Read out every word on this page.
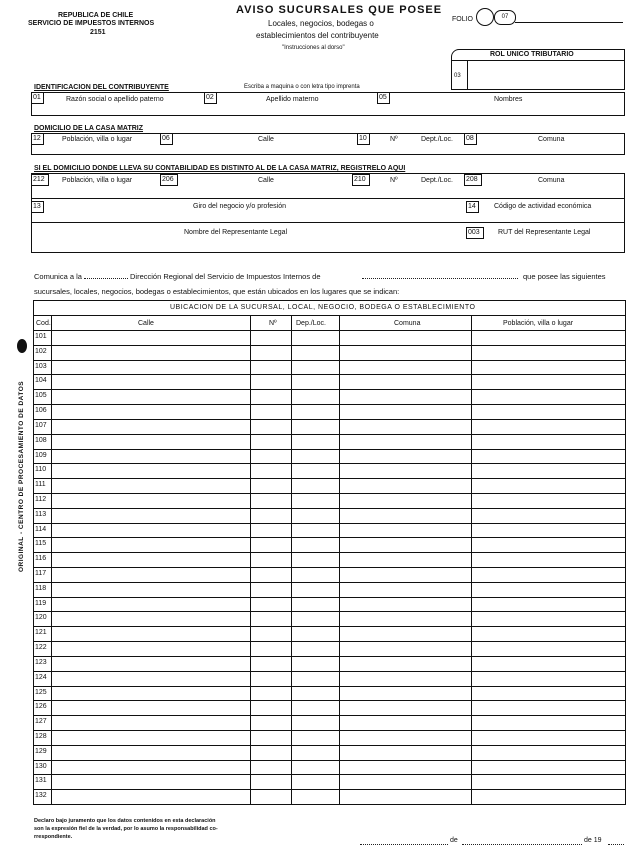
REPUBLICA DE CHILE
SERVICIO DE IMPUESTOS INTERNOS
2151
AVISO SUCURSALES QUE POSEE
Locales, negocios, bodegas o
establecimientos del contribuyente
"Instrucciones al dorso"
FOLIO	07
ROL UNICO TRIBUTARIO
03
IDENTIFICACION DEL CONTRIBUYENTE	Escriba a maquina o con letra tipo imprenta
01	Razón social o apellido paterno	02	Apellido materno	05	Nombres
DOMICILIO DE LA CASA MATRIZ
12	Población, villa o lugar	06	Calle	10	Nº	Dept./Loc. 08	Comuna
SI EL DOMICILIO DONDE LLEVA SU CONTABILIDAD ES DISTINTO AL DE LA CASA MATRIZ, REGISTRELO AQUI
212	Población, villa o lugar	206	Calle	210	Nº	Dept./Loc. 208	Comuna
13	Giro del negocio y/o profesión	14	Código de actividad económica
Nombre del Representante Legal	003	RUT del Representante Legal
Comunica a la	Dirección Regional del Servicio de Impuestos Internos de	que posee las siguientes
sucursales, locales, negocios, bodegas o establecimientos, que están ubicados en los lugares que se indican:
UBICACION DE LA SUCURSAL, LOCAL, NEGOCIO, BODEGA O ESTABLECIMIENTO
Cod.	Calle	Nº	Dep./Loc.	Comuna	Población, villa o lugar
101
102
103
104
105
106
107
108
109
110
111
112
113
114
115
116
117
118
119
120
121
122
123
124
125
126
127
128
129
130
131
132
ORIGINAL - CENTRO DE PROCESAMIENTO DE DATOS
Declaro bajo juramento que los datos contenidos en esta declaración
son la expresión fiel de la verdad, por lo asumo la responsabilidad co-
rrespondiente.	de	de 19
